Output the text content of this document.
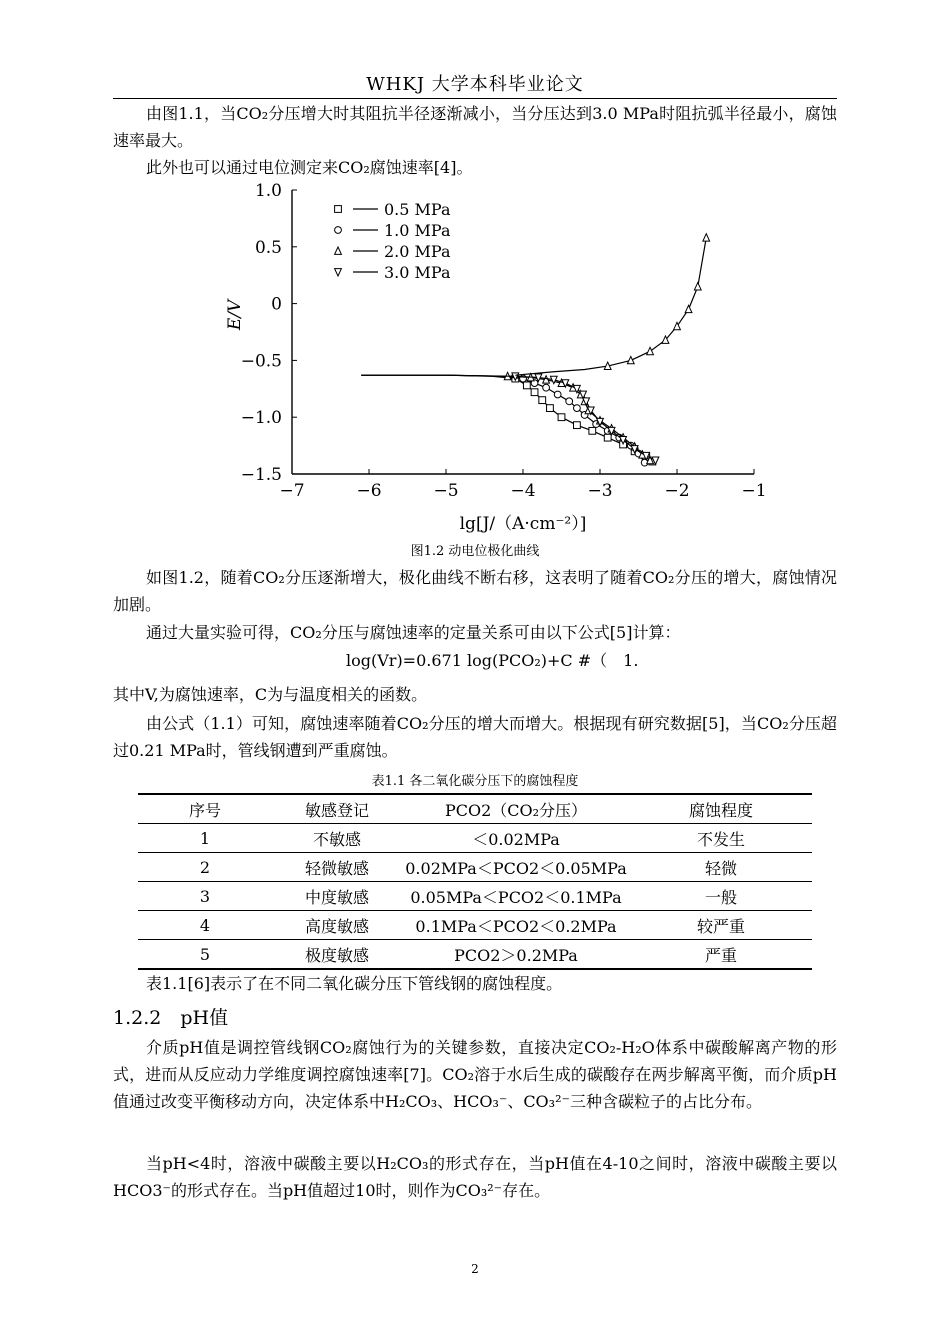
WHKJ 大学本科毕业论文
由图1.1，当CO₂分压增大时其阻抗半径逐渐减小，当分压达到3.0 MPa时阻抗弧半径最小，腐蚀速率最大。
此外也可以通过电位测定来CO₂腐蚀速率[4]。
−7	−6	−5	−4	−3	−2	−1
1.0
0.5
0
−0.5
−1.0
−1.5
lg[J/（A·cm⁻²）]
E/V
0.5 MPa
1.0 MPa
2.0 MPa
3.0 MPa
图1.2 动电位极化曲线
如图1.2，随着CO₂分压逐渐增大，极化曲线不断右移，这表明了随着CO₂分压的增大，腐蚀情况加剧。
通过大量实验可得，CO₂分压与腐蚀速率的定量关系可由以下公式[5]计算：
log(Vr)=0.671 log(PCO₂)+C #（　1.
其中V,为腐蚀速率，C为与温度相关的函数。
由公式（1.1）可知，腐蚀速率随着CO₂分压的增大而增大。根据现有研究数据[5]，当CO₂分压超过0.21 MPa时，管线钢遭到严重腐蚀。
表1.1 各二氧化碳分压下的腐蚀程度
序号	敏感登记	PCO2（CO₂分压）	腐蚀程度
1	不敏感	＜0.02MPa	不发生
2	轻微敏感	0.02MPa＜PCO2＜0.05MPa	轻微
3	中度敏感	0.05MPa＜PCO2＜0.1MPa	一般
4	高度敏感	0.1MPa＜PCO2＜0.2MPa	较严重
5	极度敏感	PCO2＞0.2MPa	严重
表1.1[6]表示了在不同二氧化碳分压下管线钢的腐蚀程度。
1.2.2　pH值
介质pH值是调控管线钢CO₂腐蚀行为的关键参数，直接决定CO₂-H₂O体系中碳酸解离产物的形式，进而从反应动力学维度调控腐蚀速率[7]。CO₂溶于水后生成的碳酸存在两步解离平衡，而介质pH值通过改变平衡移动方向，决定体系中H₂CO₃、HCO₃⁻、CO₃²⁻三种含碳粒子的占比分布。
当pH<4时，溶液中碳酸主要以H₂CO₃的形式存在，当pH值在4-10之间时，溶液中碳酸主要以HCO3⁻的形式存在。当pH值超过10时，则作为CO₃²⁻存在。
2
